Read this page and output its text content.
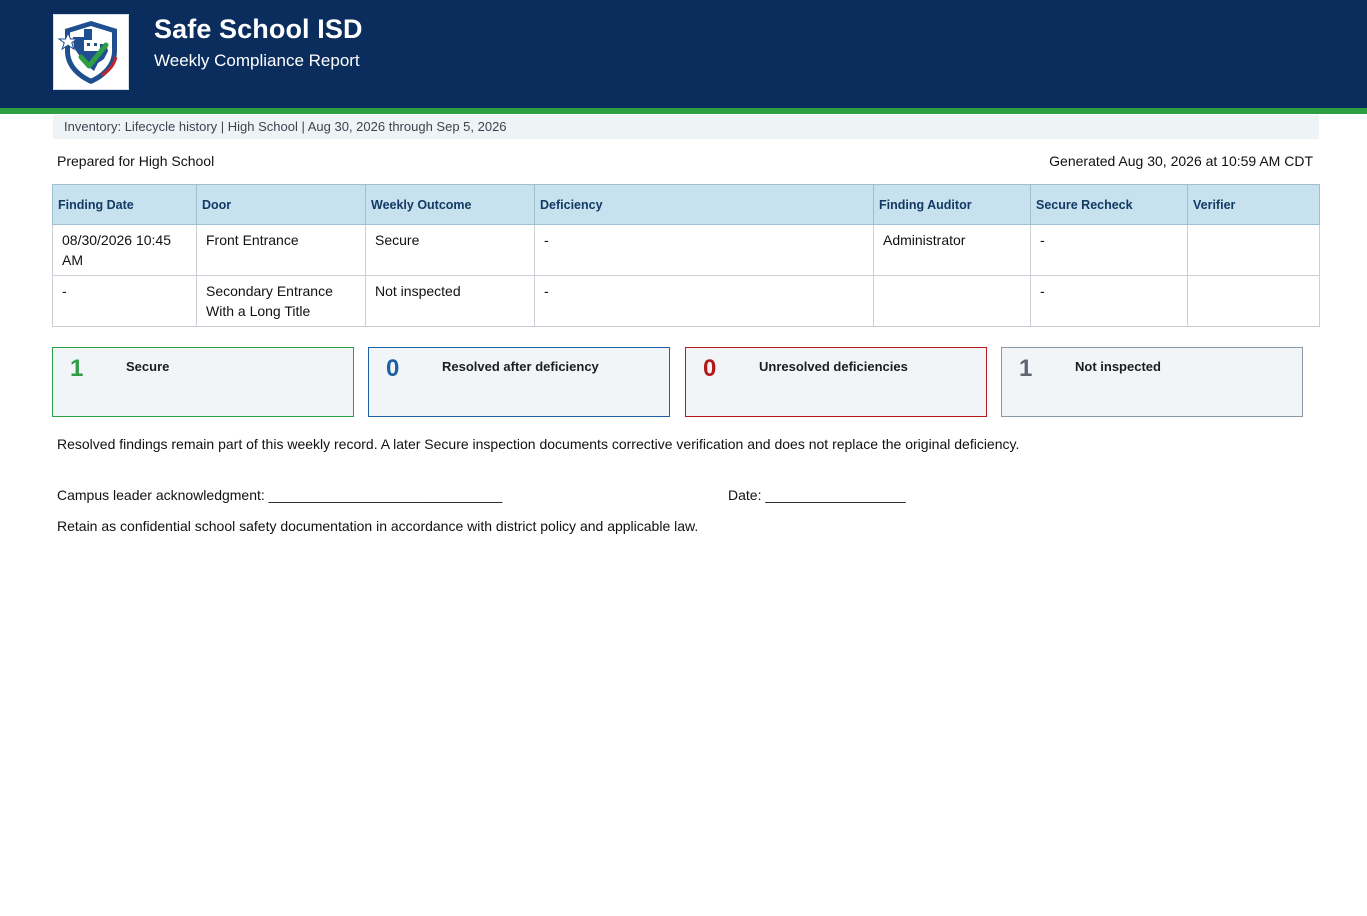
Safe School ISD
Weekly Compliance Report
Inventory: Lifecycle history | High School | Aug 30, 2026 through Sep 5, 2026
Prepared for High School	Generated Aug 30, 2026 at 10:59 AM CDT
Finding Date	Door	Weekly Outcome	Deficiency	Finding Auditor	Secure Recheck	Verifier
08/30/2026 10:45 AM	Front Entrance	Secure	-	Administrator	-	
-	Secondary Entrance With a Long Title	Not inspected	-		-	
1	Secure	0	Resolved after deficiency	0	Unresolved deficiencies	1	Not inspected
Resolved findings remain part of this weekly record. A later Secure inspection documents corrective verification and does not replace the original deficiency.
Campus leader acknowledgment: ______________________________	Date: __________________
Retain as confidential school safety documentation in accordance with district policy and applicable law.
